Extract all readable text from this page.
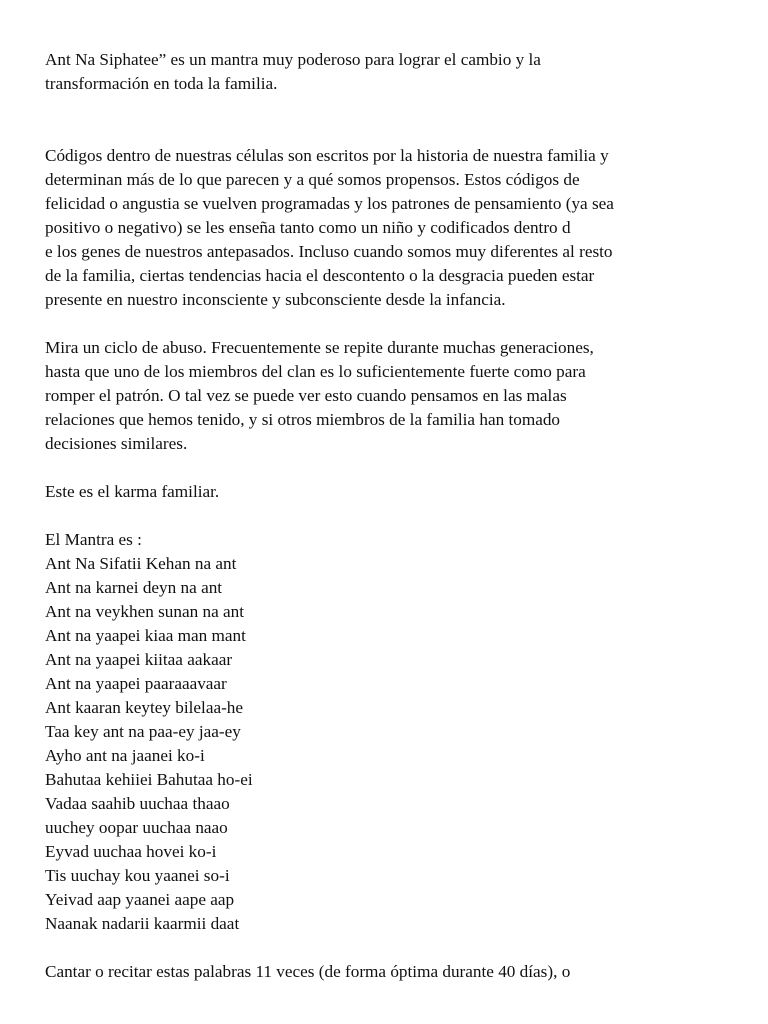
Ant Na Siphatee” es un mantra muy poderoso para lograr el cambio y la
transformación en toda la familia.

Códigos dentro de nuestras células son escritos por la historia de nuestra familia y
determinan más de lo que parecen y a qué somos propensos. Estos códigos de
felicidad o angustia se vuelven programadas y los patrones de pensamiento (ya sea
positivo o negativo) se les enseña tanto como un niño y codificados dentro d
e los genes de nuestros antepasados. Incluso cuando somos muy diferentes al resto
de la familia, ciertas tendencias hacia el descontento o la desgracia pueden estar
presente en nuestro inconsciente y subconsciente desde la infancia.

Mira un ciclo de abuso. Frecuentemente se repite durante muchas generaciones,
hasta que uno de los miembros del clan es lo suficientemente fuerte como para
romper el patrón. O tal vez se puede ver esto cuando pensamos en las malas
relaciones que hemos tenido, y si otros miembros de la familia han tomado
decisiones similares.

Este es el karma familiar.

El Mantra es :
Ant Na Sifatii Kehan na ant
Ant na karnei deyn na ant
Ant na veykhen sunan na ant
Ant na yaapei kiaa man mant
Ant na yaapei kiitaa aakaar
Ant na yaapei paaraaavaar
Ant kaaran keytey bilelaa-he
Taa key ant na paa-ey jaa-ey
Ayho ant na jaanei ko-i
Bahutaa kehiiei Bahutaa ho-ei
Vadaa saahib uuchaa thaao
uuchey oopar uuchaa naao
Eyvad uuchaa hovei ko-i
Tis uuchay kou yaanei so-i
Yeivad aap yaanei aape aap
Naanak nadarii kaarmii daat

Cantar o recitar estas palabras 11 veces (de forma óptima durante 40 días), o
